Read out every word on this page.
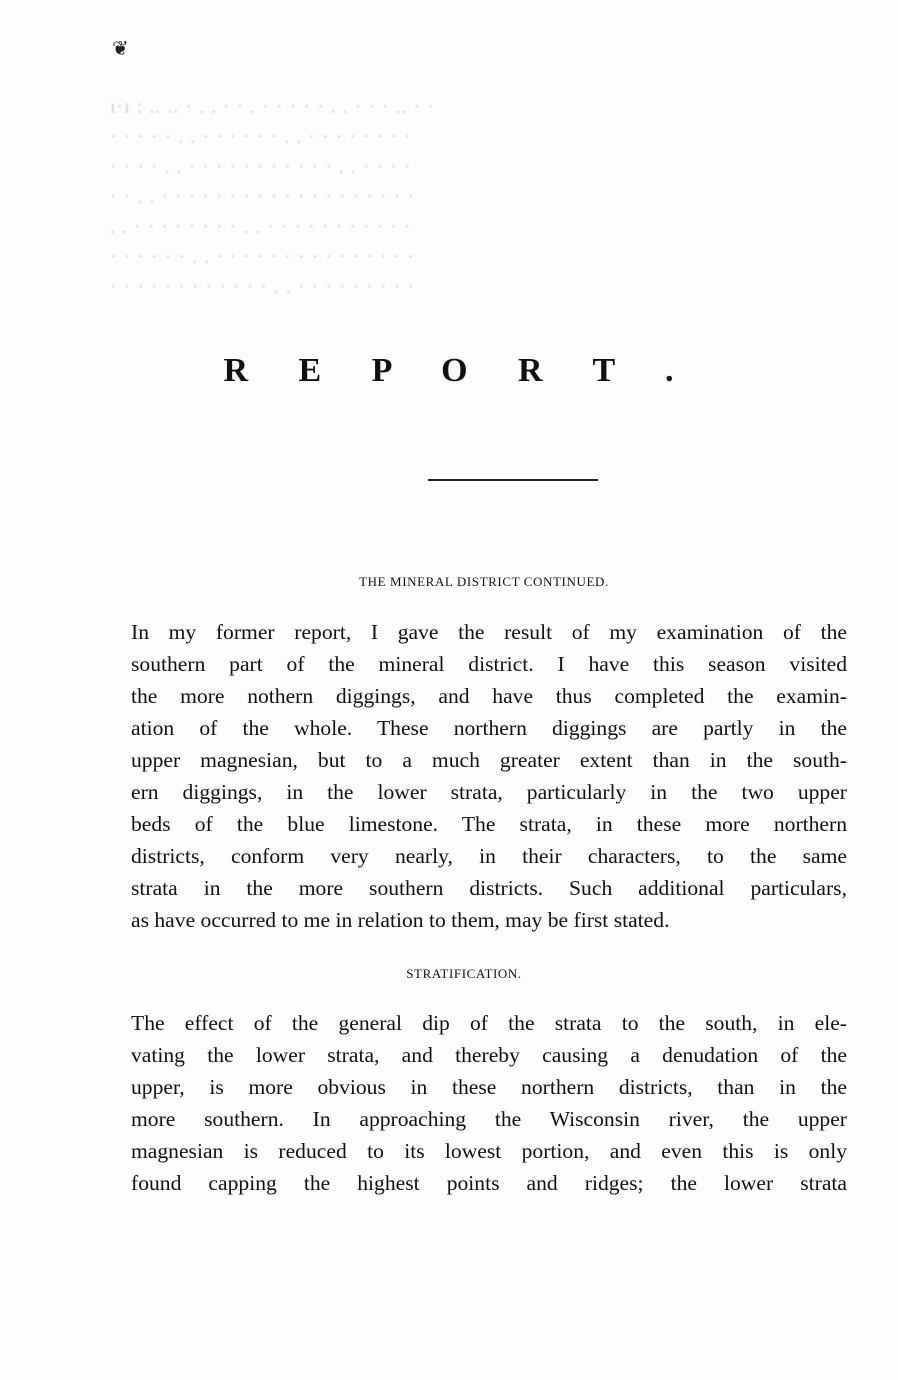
ı·ı : .. .. · . . · · . · · · · · . . · · · .. · ·
· · · · · . . · · · · · · . . · · · · · · · ·
· · · · . . · · · · · · · · · · · . . · · · ·
· · . . · · · · · · · · · · · · · · · · · · ·
. . · · · · · · · · . . · · · · · · · · · · ·
· · · · · · . . · · · · · · · · · · · · · · ·
· · · · · · · · · · · · . . · · · · · · · · ·
❦
R E P O R T .
THE MINERAL DISTRICT CONTINUED.
In my former report, I gave the result of my examination of the
southern part of the mineral district. I have this season visited
the more nothern diggings, and have thus completed the examin-
ation of the whole. These northern diggings are partly in the
upper magnesian, but to a much greater extent than in the south-
ern diggings, in the lower strata, particularly in the two upper
beds of the blue limestone. The strata, in these more northern
districts, conform very nearly, in their characters, to the same
strata in the more southern districts. Such additional particulars,
as have occurred to me in relation to them, may be first stated.
STRATIFICATION.
The effect of the general dip of the strata to the south, in ele-
vating the lower strata, and thereby causing a denudation of the
upper, is more obvious in these northern districts, than in the
more southern. In approaching the Wisconsin river, the upper
magnesian is reduced to its lowest portion, and even this is only
found capping the highest points and ridges; the lower strata
